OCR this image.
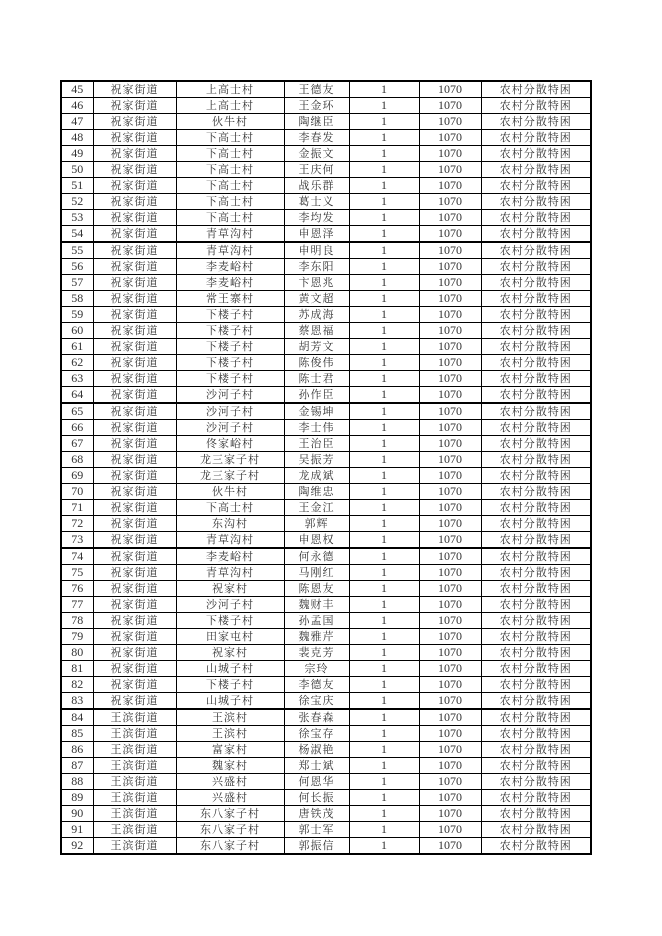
45	祝家街道	上高士村	王德友	1	1070	农村分散特困
46	祝家街道	上高士村	王金环	1	1070	农村分散特困
47	祝家街道	伙牛村	陶继臣	1	1070	农村分散特困
48	祝家街道	下高士村	李春发	1	1070	农村分散特困
49	祝家街道	下高士村	金振文	1	1070	农村分散特困
50	祝家街道	下高士村	王庆何	1	1070	农村分散特困
51	祝家街道	下高士村	战乐群	1	1070	农村分散特困
52	祝家街道	下高士村	葛士义	1	1070	农村分散特困
53	祝家街道	下高士村	李均发	1	1070	农村分散特困
54	祝家街道	青草沟村	申恩泽	1	1070	农村分散特困
55	祝家街道	青草沟村	申明良	1	1070	农村分散特困
56	祝家街道	李麦峪村	李东阳	1	1070	农村分散特困
57	祝家街道	李麦峪村	卞恩兆	1	1070	农村分散特困
58	祝家街道	常王寨村	黄文超	1	1070	农村分散特困
59	祝家街道	下楼子村	苏成海	1	1070	农村分散特困
60	祝家街道	下楼子村	蔡恩福	1	1070	农村分散特困
61	祝家街道	下楼子村	胡芳文	1	1070	农村分散特困
62	祝家街道	下楼子村	陈俊伟	1	1070	农村分散特困
63	祝家街道	下楼子村	陈士君	1	1070	农村分散特困
64	祝家街道	沙河子村	孙作臣	1	1070	农村分散特困
65	祝家街道	沙河子村	金锡坤	1	1070	农村分散特困
66	祝家街道	沙河子村	李士伟	1	1070	农村分散特困
67	祝家街道	佟家峪村	王治臣	1	1070	农村分散特困
68	祝家街道	龙三家子村	吴振芳	1	1070	农村分散特困
69	祝家街道	龙三家子村	龙成斌	1	1070	农村分散特困
70	祝家街道	伙牛村	陶维忠	1	1070	农村分散特困
71	祝家街道	下高士村	王金江	1	1070	农村分散特困
72	祝家街道	东沟村	郭辉	1	1070	农村分散特困
73	祝家街道	青草沟村	申恩权	1	1070	农村分散特困
74	祝家街道	李麦峪村	何永德	1	1070	农村分散特困
75	祝家街道	青草沟村	马刚红	1	1070	农村分散特困
76	祝家街道	祝家村	陈恩友	1	1070	农村分散特困
77	祝家街道	沙河子村	魏财丰	1	1070	农村分散特困
78	祝家街道	下楼子村	孙孟国	1	1070	农村分散特困
79	祝家街道	田家屯村	魏雅芹	1	1070	农村分散特困
80	祝家街道	祝家村	裴克芳	1	1070	农村分散特困
81	祝家街道	山城子村	宗玲	1	1070	农村分散特困
82	祝家街道	下楼子村	李德友	1	1070	农村分散特困
83	祝家街道	山城子村	徐宝庆	1	1070	农村分散特困
84	王滨街道	王滨村	张春森	1	1070	农村分散特困
85	王滨街道	王滨村	徐宝存	1	1070	农村分散特困
86	王滨街道	富家村	杨淑艳	1	1070	农村分散特困
87	王滨街道	魏家村	郑士斌	1	1070	农村分散特困
88	王滨街道	兴盛村	何恩华	1	1070	农村分散特困
89	王滨街道	兴盛村	何长振	1	1070	农村分散特困
90	王滨街道	东八家子村	唐铁茂	1	1070	农村分散特困
91	王滨街道	东八家子村	郭士军	1	1070	农村分散特困
92	王滨街道	东八家子村	郭振信	1	1070	农村分散特困
